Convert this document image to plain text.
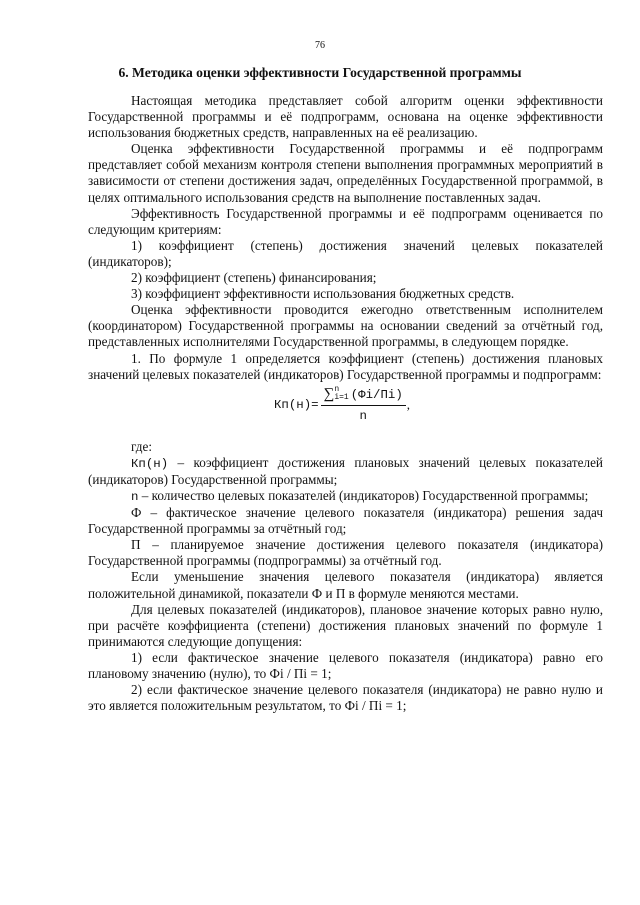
76
6. Методика оценки эффективности Государственной программы

Настоящая методика представляет собой алгоритм оценки эффективности Государственной программы и её подпрограмм, основана на оценке эффективности использования бюджетных средств, направленных на её реализацию.

Оценка эффективности Государственной программы и её подпрограмм представляет собой механизм контроля степени выполнения программных мероприятий в зависимости от степени достижения задач, определённых Государственной программой, в целях оптимального использования средств на выполнение поставленных задач.

Эффективность Государственной программы и её подпрограмм оценивается по следующим критериям:

1) коэффициент (степень) достижения значений целевых показателей (индикаторов);

2) коэффициент (степень) финансирования;

3) коэффициент эффективности использования бюджетных средств.

Оценка эффективности проводится ежегодно ответственным исполнителем (координатором) Государственной программы на основании сведений за отчётный год, представленных исполнителями Государственной программы, в следующем порядке.

1. По формуле 1 определяется коэффициент (степень) достижения плановых значений целевых показателей (индикаторов) Государственной программы и подпрограмм:

Кп(н)= ∑ n
i=1 (Фi/Пi)
n ,

где:

Кп(н) – коэффициент достижения плановых значений целевых показателей (индикаторов) Государственной программы;

n – количество целевых показателей (индикаторов) Государственной программы;

Ф – фактическое значение целевого показателя (индикатора) решения задач Государственной программы за отчётный год;

П – планируемое значение достижения целевого показателя (индикатора) Государственной программы (подпрограммы) за отчётный год.

Если уменьшение значения целевого показателя (индикатора) является положительной динамикой, показатели Ф и П в формуле меняются местами.

Для целевых показателей (индикаторов), плановое значение которых равно нулю, при расчёте коэффициента (степени) достижения плановых значений по формуле 1 принимаются следующие допущения:

1) если фактическое значение целевого показателя (индикатора) равно его плановому значению (нулю), то Фi / Пi = 1;

2) если фактическое значение целевого показателя (индикатора) не равно нулю и это является положительным результатом, то Фi / Пi = 1;
